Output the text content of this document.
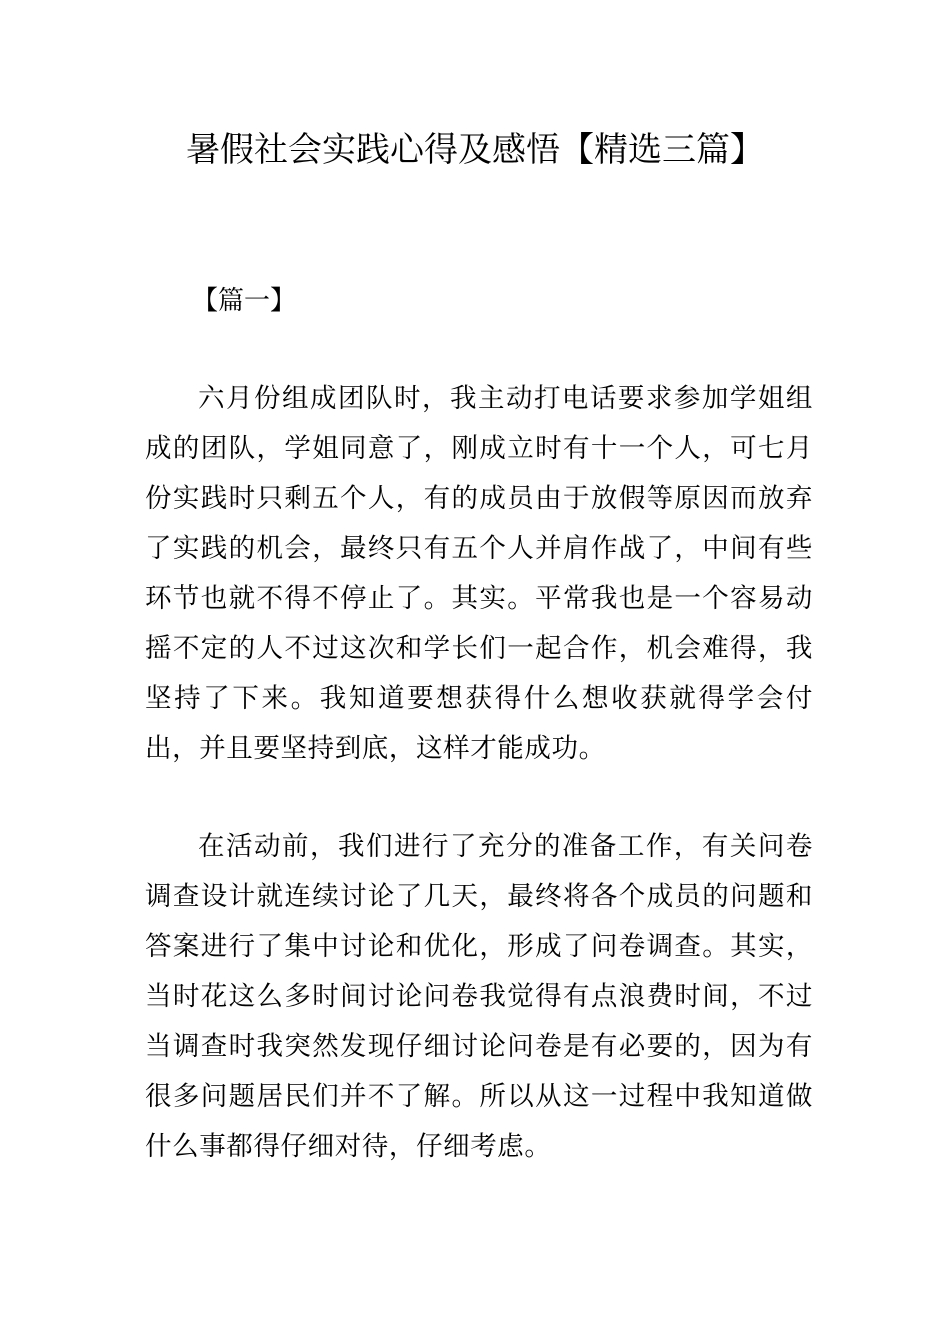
暑假社会实践心得及感悟【精选三篇】
【篇一】

六月份组成团队时，我主动打电话要求参加学姐组成的团队，学姐同意了，刚成立时有十一个人，可七月份实践时只剩五个人，有的成员由于放假等原因而放弃了实践的机会，最终只有五个人并肩作战了，中间有些环节也就不得不停止了。其实。平常我也是一个容易动摇不定的人不过这次和学长们一起合作，机会难得，我坚持了下来。我知道要想获得什么想收获就得学会付出，并且要坚持到底，这样才能成功。

在活动前，我们进行了充分的准备工作，有关问卷调查设计就连续讨论了几天，最终将各个成员的问题和答案进行了集中讨论和优化，形成了问卷调查。其实，当时花这么多时间讨论问卷我觉得有点浪费时间，不过当调查时我突然发现仔细讨论问卷是有必要的，因为有很多问题居民们并不了解。所以从这一过程中我知道做什么事都得仔细对待，仔细考虑。
